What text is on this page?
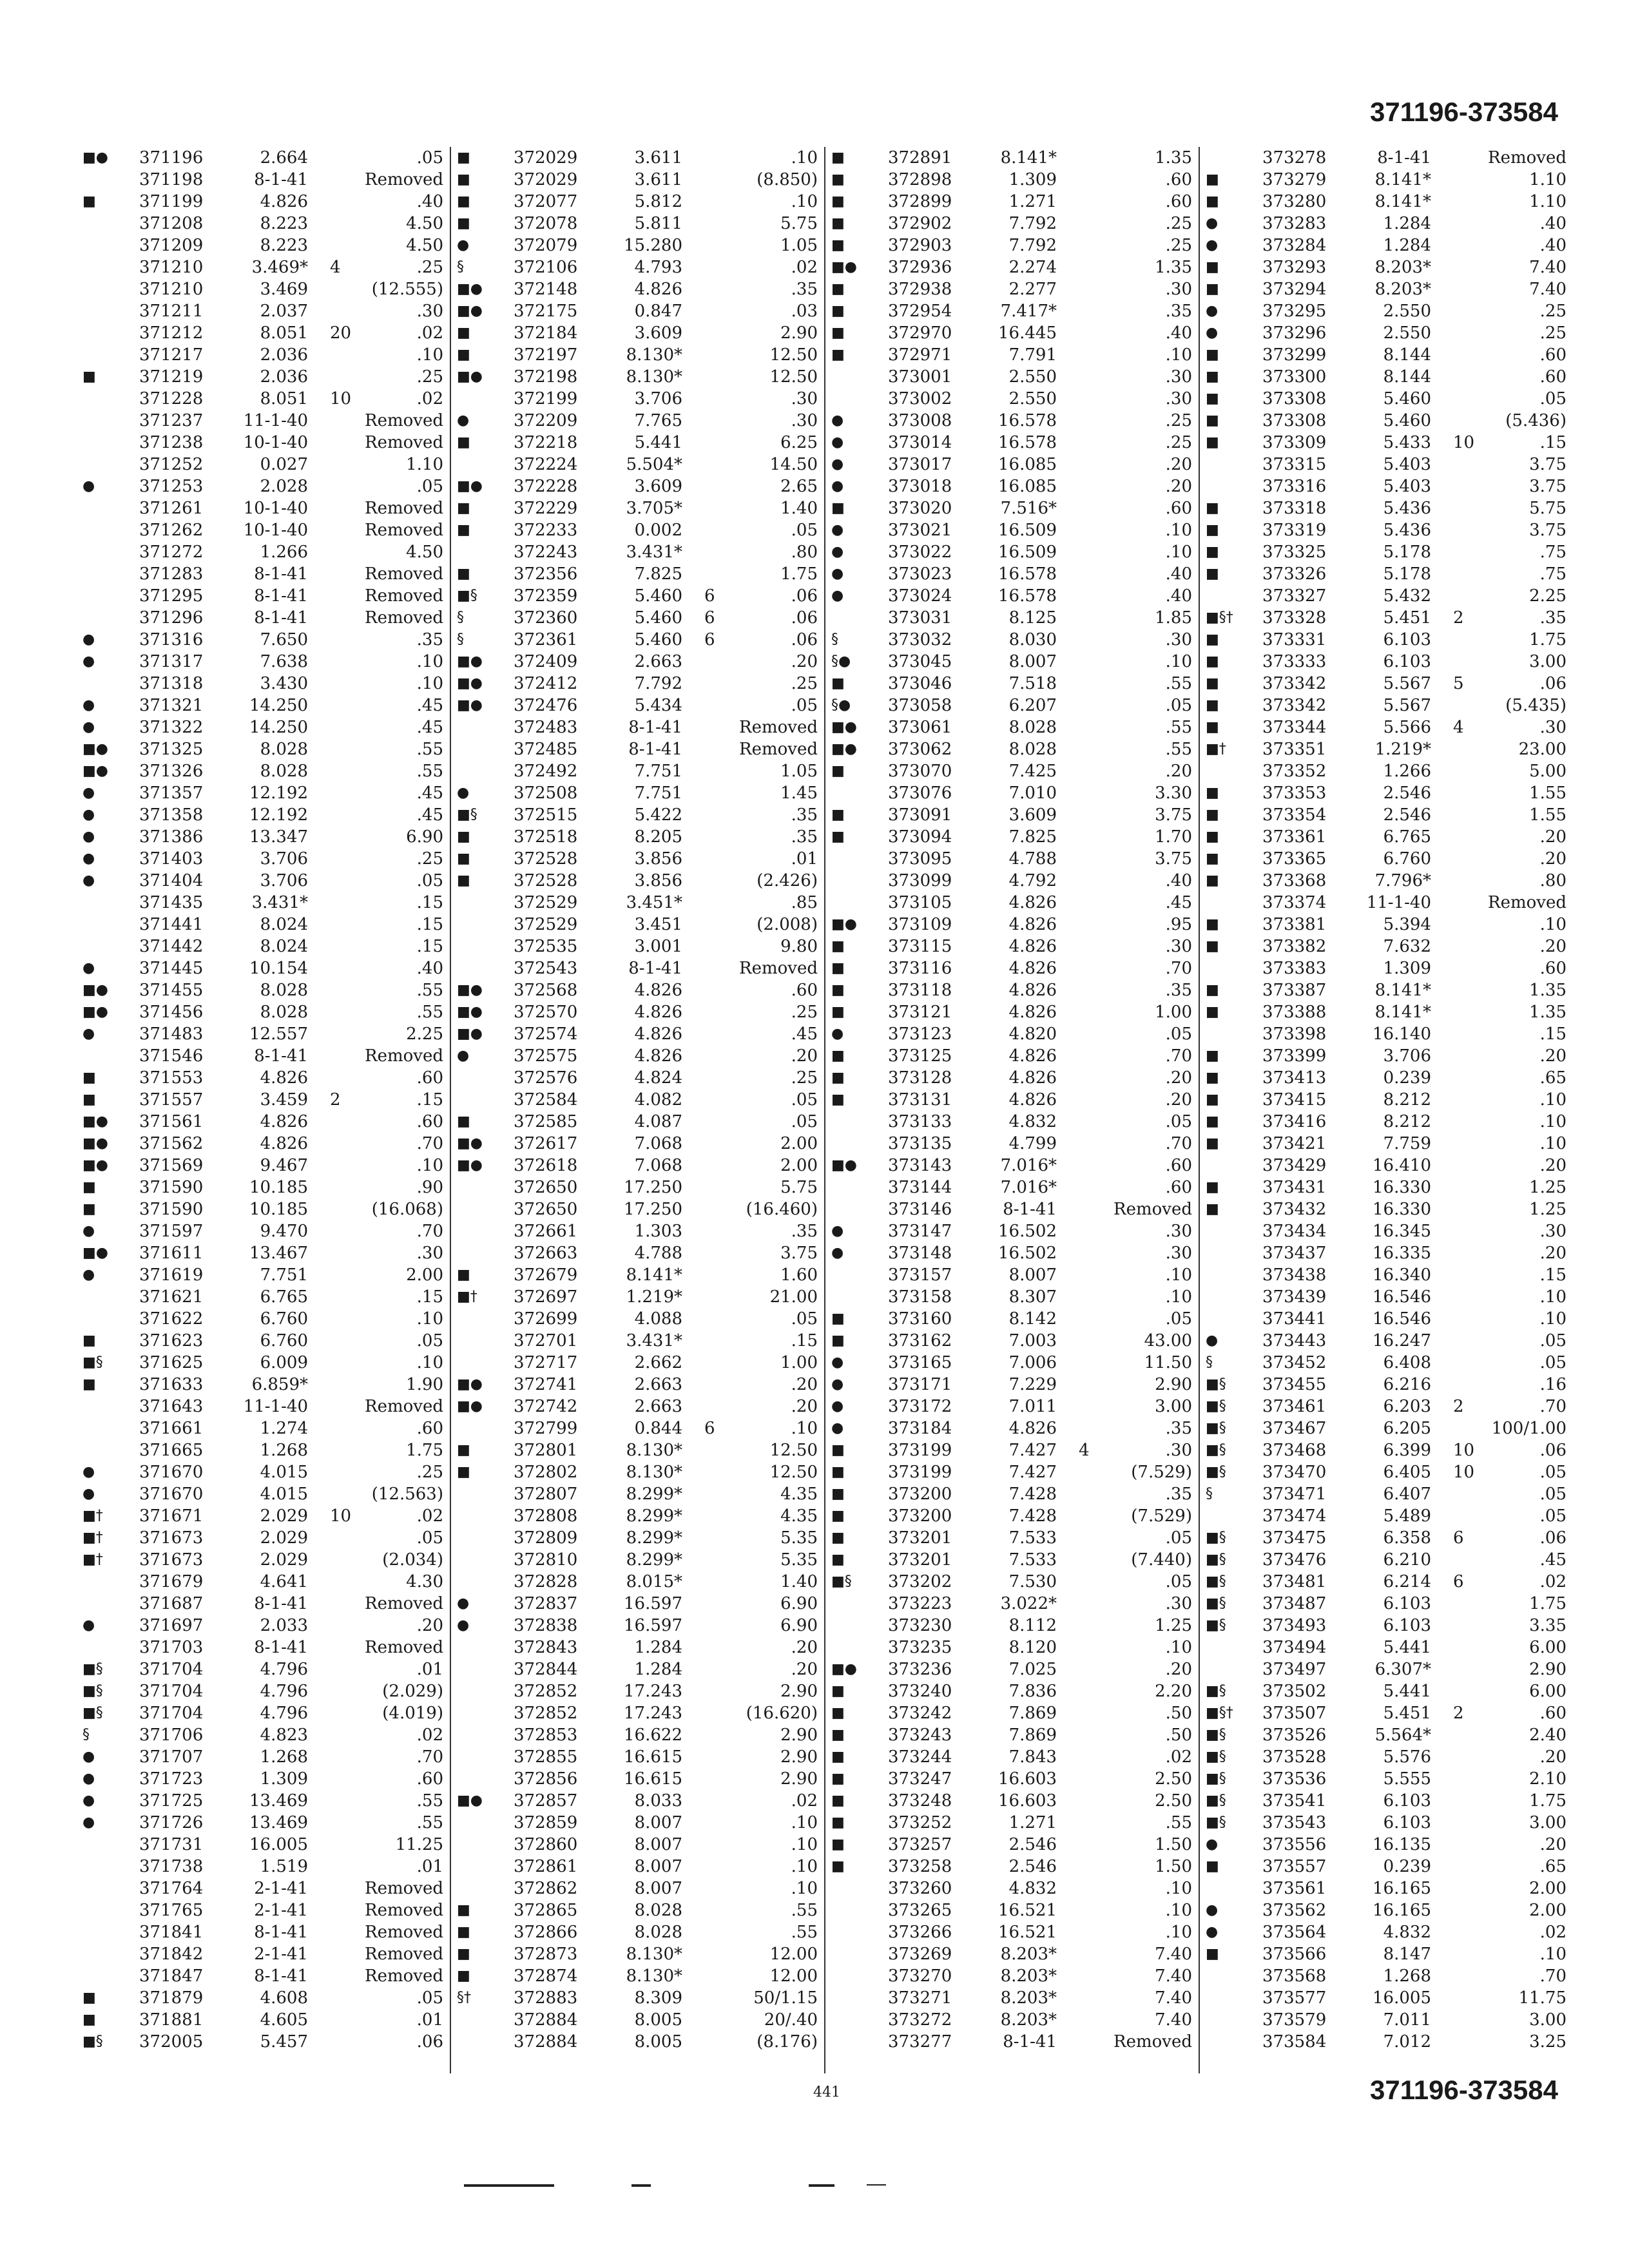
371196-373584
■●	371196	2.664	.05
371198	8-1-41	Removed
■	371199	4.826	.40
371208	8.223	4.50
371209	8.223	4.50
371210	3.469* 4	.25
371210	3.469	(12.555)
371211	2.037	.30
371212	8.051 20	.02
371217	2.036	.10
■	371219	2.036	.25
371228	8.051 10	.02
371237	11-1-40	Removed
371238	10-1-40	Removed
371252	0.027	1.10
●	371253	2.028	.05
371261	10-1-40	Removed
371262	10-1-40	Removed
371272	1.266	4.50
371283	8-1-41	Removed
371295	8-1-41	Removed
371296	8-1-41	Removed
●	371316	7.650	.35
●	371317	7.638	.10
371318	3.430	.10
●	371321	14.250	.45
●	371322	14.250	.45
■●	371325	8.028	.55
■●	371326	8.028	.55
●	371357	12.192	.45
●	371358	12.192	.45
●	371386	13.347	6.90
●	371403	3.706	.25
●	371404	3.706	.05
371435	3.431*	.15
371441	8.024	.15
371442	8.024	.15
●	371445	10.154	.40
■●	371455	8.028	.55
■●	371456	8.028	.55
●	371483	12.557	2.25
371546	8-1-41	Removed
■	371553	4.826	.60
■	371557	3.459 2	.15
■●	371561	4.826	.60
■●	371562	4.826	.70
■●	371569	9.467	.10
■	371590	10.185	.90
■	371590	10.185	(16.068)
●	371597	9.470	.70
■●	371611	13.467	.30
●	371619	7.751	2.00
371621	6.765	.15
371622	6.760	.10
■	371623	6.760	.05
■§	371625	6.009	.10
■	371633	6.859*	1.90
371643	11-1-40	Removed
371661	1.274	.60
371665	1.268	1.75
●	371670	4.015	.25
●	371670	4.015	(12.563)
■†	371671	2.029 10	.02
■†	371673	2.029	.05
■†	371673	2.029	(2.034)
371679	4.641	4.30
371687	8-1-41	Removed
●	371697	2.033	.20
371703	8-1-41	Removed
■§	371704	4.796	.01
■§	371704	4.796	(2.029)
■§	371704	4.796	(4.019)
§	371706	4.823	.02
●	371707	1.268	.70
●	371723	1.309	.60
●	371725	13.469	.55
●	371726	13.469	.55
371731	16.005	11.25
371738	1.519	.01
371764	2-1-41	Removed
371765	2-1-41	Removed
371841	8-1-41	Removed
371842	2-1-41	Removed
371847	8-1-41	Removed
■	371879	4.608	.05
■	371881	4.605	.01
■§	372005	5.457	.06
■	372029	3.611	.10
■	372029	3.611	(8.850)
■	372077	5.812	.10
■	372078	5.811	5.75
●	372079	15.280	1.05
§	372106	4.793	.02
■●	372148	4.826	.35
■●	372175	0.847	.03
■	372184	3.609	2.90
■	372197	8.130*	12.50
■●	372198	8.130*	12.50
372199	3.706	.30
●	372209	7.765	.30
■	372218	5.441	6.25
372224	5.504*	14.50
■●	372228	3.609	2.65
■	372229	3.705*	1.40
■	372233	0.002	.05
372243	3.431*	.80
■	372356	7.825	1.75
■§	372359	5.460 6	.06
§	372360	5.460 6	.06
§	372361	5.460 6	.06
■●	372409	2.663	.20
■●	372412	7.792	.25
■●	372476	5.434	.05
372483	8-1-41	Removed
372485	8-1-41	Removed
372492	7.751	1.05
●	372508	7.751	1.45
■§	372515	5.422	.35
■	372518	8.205	.35
■	372528	3.856	.01
■	372528	3.856	(2.426)
372529	3.451*	.85
372529	3.451	(2.008)
372535	3.001	9.80
372543	8-1-41	Removed
■●	372568	4.826	.60
■●	372570	4.826	.25
■●	372574	4.826	.45
●	372575	4.826	.20
372576	4.824	.25
372584	4.082	.05
■	372585	4.087	.05
■●	372617	7.068	2.00
■●	372618	7.068	2.00
372650	17.250	5.75
372650	17.250	(16.460)
372661	1.303	.35
372663	4.788	3.75
■	372679	8.141*	1.60
■†	372697	1.219*	21.00
372699	4.088	.05
372701	3.431*	.15
372717	2.662	1.00
■●	372741	2.663	.20
■●	372742	2.663	.20
372799	0.844 6	.10
■	372801	8.130*	12.50
■	372802	8.130*	12.50
372807	8.299*	4.35
372808	8.299*	4.35
372809	8.299*	5.35
372810	8.299*	5.35
372828	8.015*	1.40
●	372837	16.597	6.90
●	372838	16.597	6.90
372843	1.284	.20
372844	1.284	.20
372852	17.243	2.90
372852	17.243	(16.620)
372853	16.622	2.90
372855	16.615	2.90
372856	16.615	2.90
■●	372857	8.033	.02
372859	8.007	.10
372860	8.007	.10
372861	8.007	.10
372862	8.007	.10
■	372865	8.028	.55
■	372866	8.028	.55
■	372873	8.130*	12.00
■	372874	8.130*	12.00
§†	372883	8.309	50/1.15
372884	8.005	20/.40
372884	8.005	(8.176)
■	372891	8.141*	1.35
■	372898	1.309	.60
■	372899	1.271	.60
■	372902	7.792	.25
■	372903	7.792	.25
■●	372936	2.274	1.35
■	372938	2.277	.30
■	372954	7.417*	.35
■	372970	16.445	.40
■	372971	7.791	.10
373001	2.550	.30
373002	2.550	.30
●	373008	16.578	.25
●	373014	16.578	.25
●	373017	16.085	.20
●	373018	16.085	.20
■	373020	7.516*	.60
●	373021	16.509	.10
●	373022	16.509	.10
●	373023	16.578	.40
●	373024	16.578	.40
373031	8.125	1.85
§	373032	8.030	.30
§●	373045	8.007	.10
■	373046	7.518	.55
§●	373058	6.207	.05
■●	373061	8.028	.55
■●	373062	8.028	.55
■	373070	7.425	.20
373076	7.010	3.30
■	373091	3.609	3.75
■	373094	7.825	1.70
373095	4.788	3.75
373099	4.792	.40
373105	4.826	.45
■●	373109	4.826	.95
■	373115	4.826	.30
■	373116	4.826	.70
■	373118	4.826	.35
■	373121	4.826	1.00
●	373123	4.820	.05
■	373125	4.826	.70
■	373128	4.826	.20
■	373131	4.826	.20
373133	4.832	.05
373135	4.799	.70
■●	373143	7.016*	.60
373144	7.016*	.60
373146	8-1-41	Removed
●	373147	16.502	.30
●	373148	16.502	.30
373157	8.007	.10
373158	8.307	.10
■	373160	8.142	.05
■	373162	7.003	43.00
●	373165	7.006	11.50
●	373171	7.229	2.90
●	373172	7.011	3.00
●	373184	4.826	.35
■	373199	7.427 4	.30
■	373199	7.427	(7.529)
■	373200	7.428	.35
■	373200	7.428	(7.529)
■	373201	7.533	.05
■	373201	7.533	(7.440)
■§	373202	7.530	.05
373223	3.022*	.30
373230	8.112	1.25
373235	8.120	.10
■●	373236	7.025	.20
■	373240	7.836	2.20
■	373242	7.869	.50
■	373243	7.869	.50
■	373244	7.843	.02
■	373247	16.603	2.50
■	373248	16.603	2.50
■	373252	1.271	.55
■	373257	2.546	1.50
■	373258	2.546	1.50
373260	4.832	.10
373265	16.521	.10
373266	16.521	.10
373269	8.203*	7.40
373270	8.203*	7.40
373271	8.203*	7.40
373272	8.203*	7.40
373277	8-1-41	Removed
373278	8-1-41	Removed
■	373279	8.141*	1.10
■	373280	8.141*	1.10
●	373283	1.284	.40
●	373284	1.284	.40
■	373293	8.203*	7.40
■	373294	8.203*	7.40
●	373295	2.550	.25
●	373296	2.550	.25
■	373299	8.144	.60
■	373300	8.144	.60
■	373308	5.460	.05
■	373308	5.460	(5.436)
■	373309	5.433 10	.15
373315	5.403	3.75
373316	5.403	3.75
■	373318	5.436	5.75
■	373319	5.436	3.75
■	373325	5.178	.75
■	373326	5.178	.75
373327	5.432	2.25
■§†	373328	5.451 2	.35
■	373331	6.103	1.75
■	373333	6.103	3.00
■	373342	5.567 5	.06
■	373342	5.567	(5.435)
■	373344	5.566 4	.30
■†	373351	1.219*	23.00
373352	1.266	5.00
■	373353	2.546	1.55
■	373354	2.546	1.55
■	373361	6.765	.20
■	373365	6.760	.20
■	373368	7.796*	.80
373374	11-1-40	Removed
■	373381	5.394	.10
■	373382	7.632	.20
373383	1.309	.60
■	373387	8.141*	1.35
■	373388	8.141*	1.35
373398	16.140	.15
■	373399	3.706	.20
■	373413	0.239	.65
■	373415	8.212	.10
■	373416	8.212	.10
■	373421	7.759	.10
373429	16.410	.20
■	373431	16.330	1.25
■	373432	16.330	1.25
373434	16.345	.30
373437	16.335	.20
373438	16.340	.15
373439	16.546	.10
373441	16.546	.10
●	373443	16.247	.05
§	373452	6.408	.05
■§	373455	6.216	.16
■§	373461	6.203 2	.70
■§	373467	6.205	100/1.00
■§	373468	6.399 10	.06
■§	373470	6.405 10	.05
§	373471	6.407	.05
373474	5.489	.05
■§	373475	6.358 6	.06
■§	373476	6.210	.45
■§	373481	6.214 6	.02
■§	373487	6.103	1.75
■§	373493	6.103	3.35
373494	5.441	6.00
373497	6.307*	2.90
■§	373502	5.441	6.00
■§†	373507	5.451 2	.60
■§	373526	5.564*	2.40
■§	373528	5.576	.20
■§	373536	5.555	2.10
■§	373541	6.103	1.75
■§	373543	6.103	3.00
●	373556	16.135	.20
■	373557	0.239	.65
373561	16.165	2.00
●	373562	16.165	2.00
●	373564	4.832	.02
■	373566	8.147	.10
373568	1.268	.70
373577	16.005	11.75
373579	7.011	3.00
373584	7.012	3.25
441	371196-373584
